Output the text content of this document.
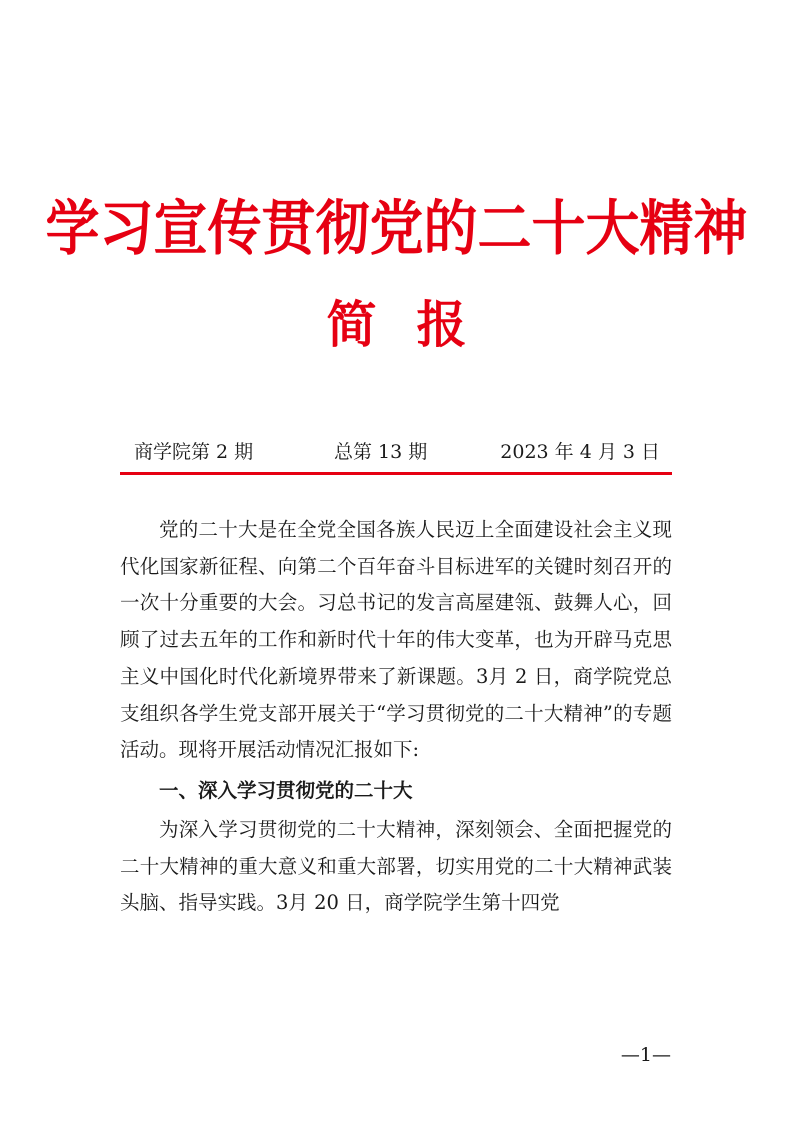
学习宣传贯彻党的二十大精神
简报
商学院第 2 期	总第 13 期	2023 年 4 月 3 日

党的二十大是在全党全国各族人民迈上全面建设社会主义现代化国家新征程、向第二个百年奋斗目标进军的关键时刻召开的一次十分重要的大会。习总书记的发言高屋建瓴、鼓舞人心，回顾了过去五年的工作和新时代十年的伟大变革，也为开辟马克思主义中国化时代化新境界带来了新课题。3月 2 日，商学院党总支组织各学生党支部开展关于“学习贯彻党的二十大精神”的专题活动。现将开展活动情况汇报如下:

一、深入学习贯彻党的二十大

为深入学习贯彻党的二十大精神，深刻领会、全面把握党的二十大精神的重大意义和重大部署，切实用党的二十大精神武装头脑、指导实践。3月 20 日，商学院学生第十四党

—1—
